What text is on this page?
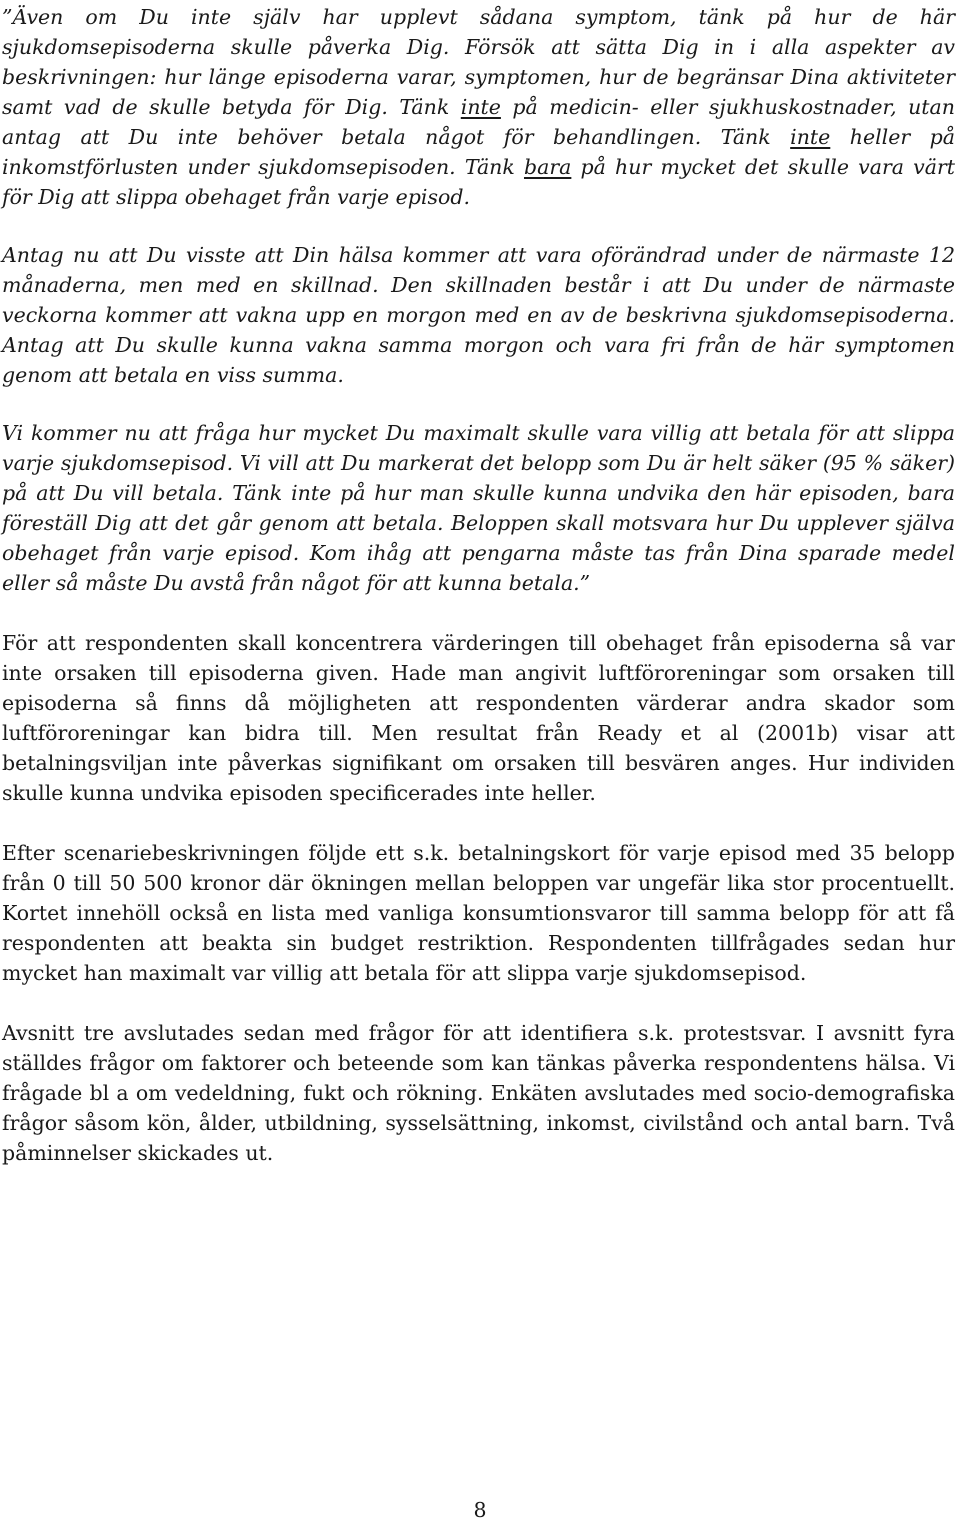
”Även om Du inte själv har upplevt sådana symptom, tänk på hur de här sjukdomsepisoderna skulle påverka Dig. Försök att sätta Dig in i alla aspekter av beskrivningen: hur länge episoderna varar, symptomen, hur de begränsar Dina aktiviteter samt vad de skulle betyda för Dig. Tänk inte på medicin- eller sjukhuskostnader, utan antag att Du inte behöver betala något för behandlingen. Tänk inte heller på inkomstförlusten under sjukdomsepisoden. Tänk bara på hur mycket det skulle vara värt för Dig att slippa obehaget från varje episod.

Antag nu att Du visste att Din hälsa kommer att vara oförändrad under de närmaste 12 månaderna, men med en skillnad. Den skillnaden består i att Du under de närmaste veckorna kommer att vakna upp en morgon med en av de beskrivna sjukdomsepisoderna. Antag att Du skulle kunna vakna samma morgon och vara fri från de här symptomen genom att betala en viss summa.

Vi kommer nu att fråga hur mycket Du maximalt skulle vara villig att betala för att slippa varje sjukdomsepisod. Vi vill att Du markerat det belopp som Du är helt säker (95 % säker) på att Du vill betala. Tänk inte på hur man skulle kunna undvika den här episoden, bara föreställ Dig att det går genom att betala. Beloppen skall motsvara hur Du upplever själva obehaget från varje episod. Kom ihåg att pengarna måste tas från Dina sparade medel eller så måste Du avstå från något för att kunna betala.”

För att respondenten skall koncentrera värderingen till obehaget från episoderna så var inte orsaken till episoderna given. Hade man angivit luftföroreningar som orsaken till episoderna så finns då möjligheten att respondenten värderar andra skador som luftföroreningar kan bidra till. Men resultat från Ready et al (2001b) visar att betalningsviljan inte påverkas signifikant om orsaken till besvären anges. Hur individen skulle kunna undvika episoden specificerades inte heller.

Efter scenariebeskrivningen följde ett s.k. betalningskort för varje episod med 35 belopp från 0 till 50 500 kronor där ökningen mellan beloppen var ungefär lika stor procentuellt. Kortet innehöll också en lista med vanliga konsumtionsvaror till samma belopp för att få respondenten att beakta sin budget restriktion. Respondenten tillfrågades sedan hur mycket han maximalt var villig att betala för att slippa varje sjukdomsepisod.

Avsnitt tre avslutades sedan med frågor för att identifiera s.k. protestsvar. I avsnitt fyra ställdes frågor om faktorer och beteende som kan tänkas påverka respondentens hälsa. Vi frågade bl a om vedeldning, fukt och rökning. Enkäten avslutades med socio-demografiska frågor såsom kön, ålder, utbildning, sysselsättning, inkomst, civilstånd och antal barn. Två påminnelser skickades ut.

8
